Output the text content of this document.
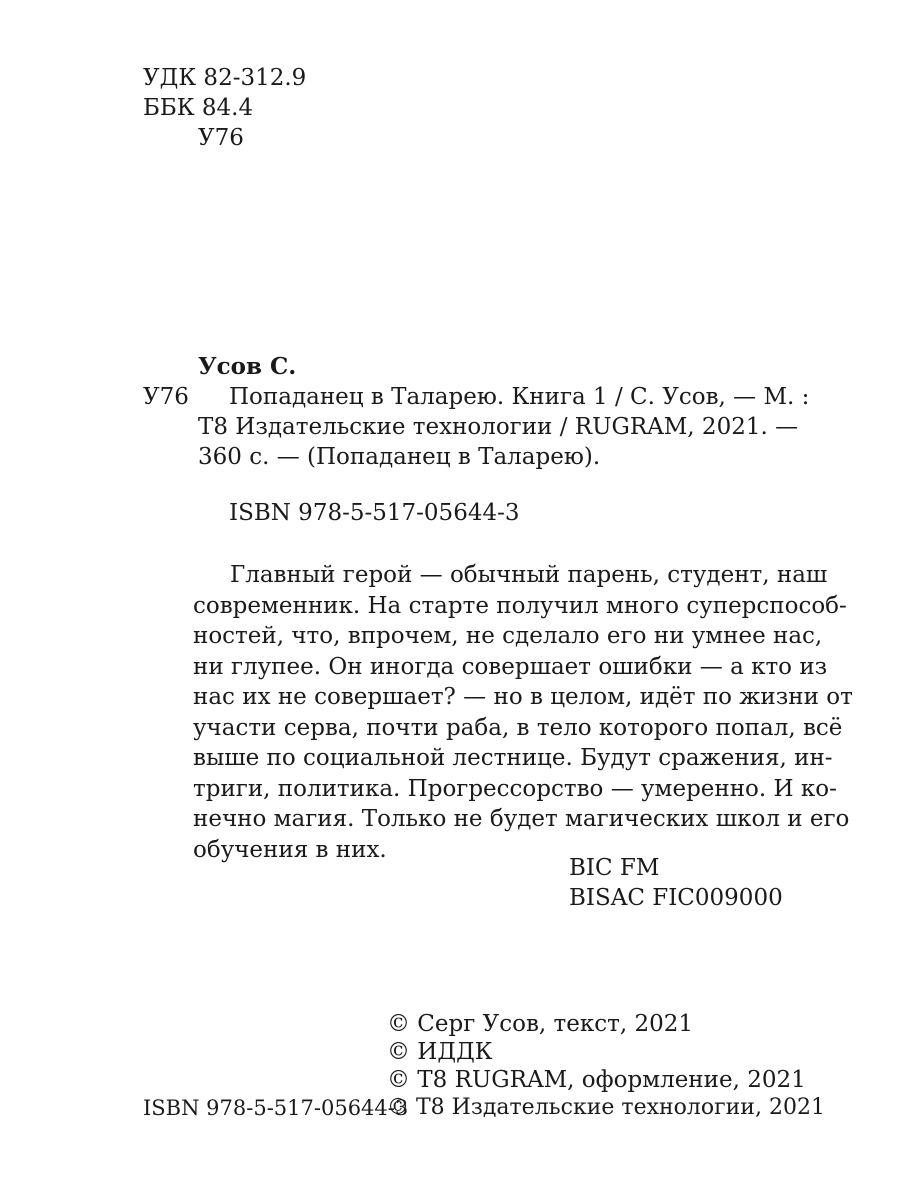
УДК 82-312.9
ББК 84.4
У76
Усов С.
У76 Попаданец в Таларею. Книга 1 / С. Усов, — М. :
Т8 Издательские технологии / RUGRAM, 2021. —
360 с. — (Попаданец в Таларею).
ISBN 978-5-517-05644-3
Главный герой — обычный парень, студент, наш
современник. На старте получил много суперспособ-
ностей, что, впрочем, не сделало его ни умнее нас,
ни глупее. Он иногда совершает ошибки — а кто из
нас их не совершает? — но в целом, идёт по жизни от
участи серва, почти раба, в тело которого попал, всё
выше по социальной лестнице. Будут сражения, ин-
триги, политика. Прогрессорство — умеренно. И ко-
нечно магия. Только не будет магических школ и его
обучения в них.
BIC FM
BISAC FIC009000
© Серг Усов, текст, 2021
© ИДДК
© Т8 RUGRAM, оформление, 2021
ISBN 978-5-517-05644-3
© Т8 Издательские технологии, 2021
